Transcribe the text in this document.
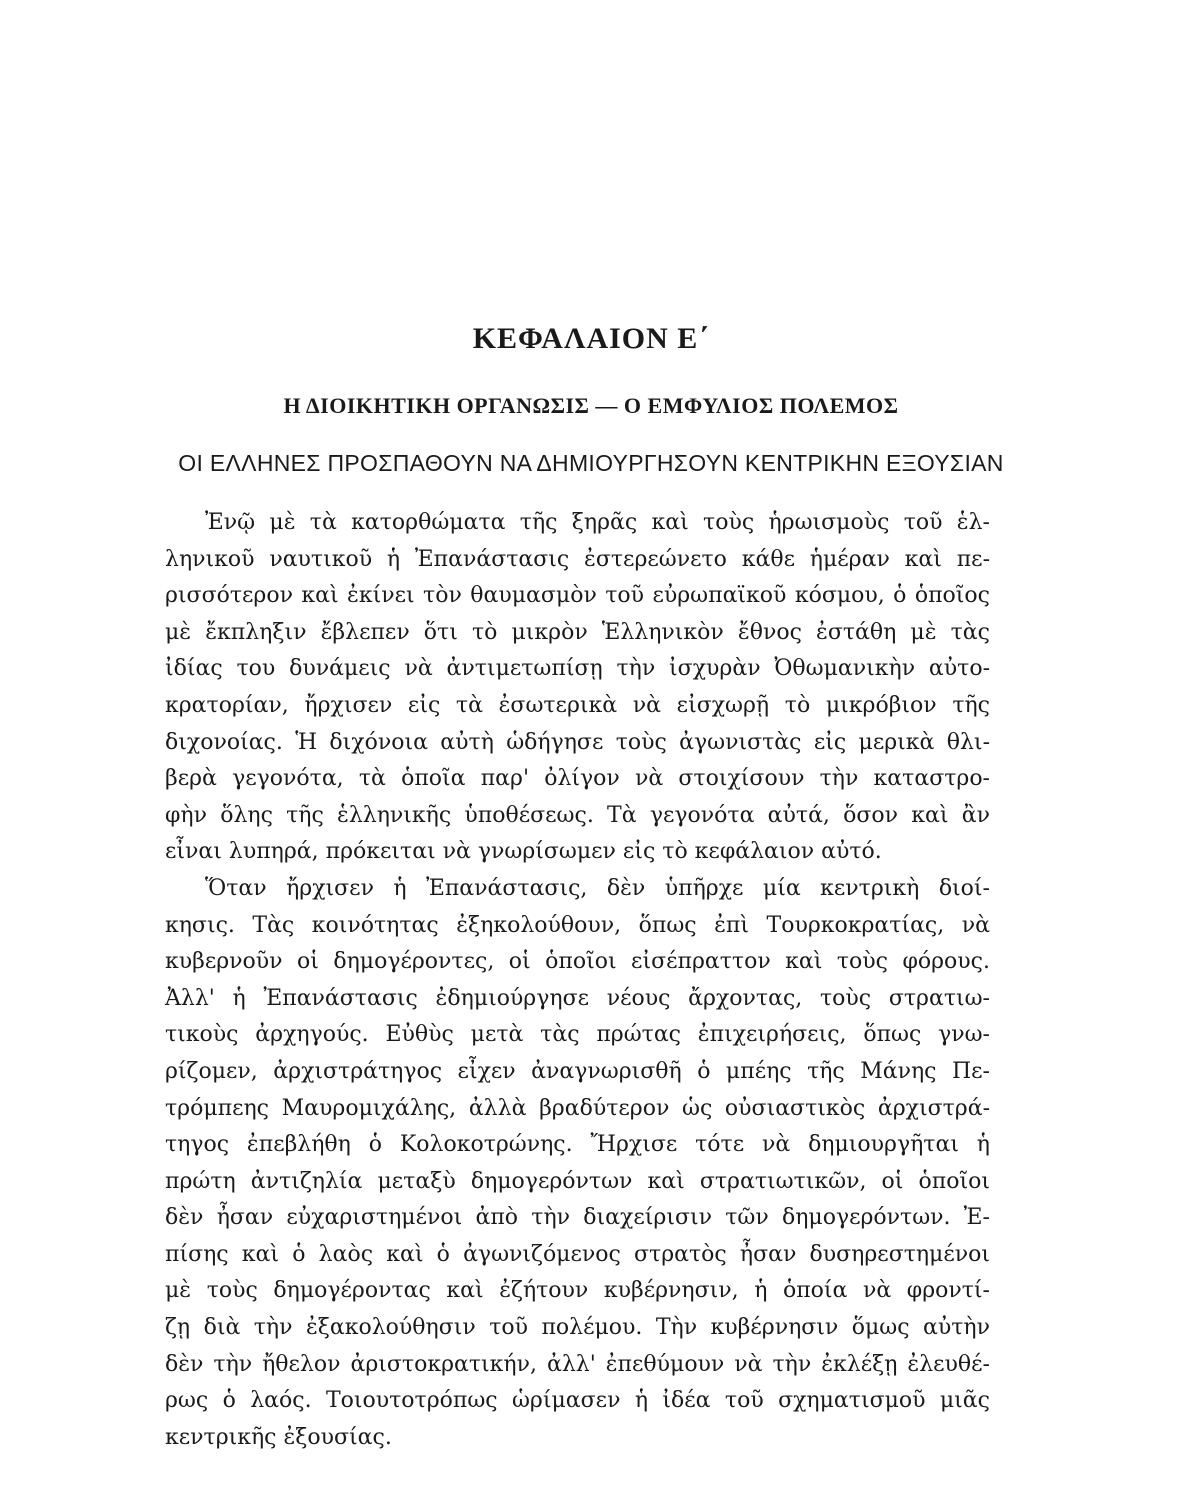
ΚΕΦΑΛΑΙΟΝ Ε΄
Η ΔΙΟΙΚΗΤΙΚΗ ΟΡΓΑΝΩΣΙΣ — Ο ΕΜΦΥΛΙΟΣ ΠΟΛΕΜΟΣ
ΟΙ ΕΛΛΗΝΕΣ ΠΡΟΣΠΑΘΟΥΝ ΝΑ ΔΗΜΙΟΥΡΓΗΣΟΥΝ ΚΕΝΤΡΙΚΗΝ ΕΞΟΥΣΙΑΝ

Ἐνῷ μὲ τὰ κατορθώματα τῆς ξηρᾶς καὶ τοὺς ἡρωισμοὺς τοῦ ἑλ-
ληνικοῦ ναυτικοῦ ἡ Ἐπανάστασις ἐστερεώνετο κάθε ἡμέραν καὶ πε-
ρισσότερον καὶ ἐκίνει τὸν θαυμασμὸν τοῦ εὐρωπαϊκοῦ κόσμου, ὁ ὁποῖος
μὲ ἔκπληξιν ἔβλεπεν ὅτι τὸ μικρὸν Ἑλληνικὸν ἔθνος ἐστάθη μὲ τὰς
ἰδίας του δυνάμεις νὰ ἀντιμετωπίσῃ τὴν ἰσχυρὰν Ὀθωμανικὴν αὐτο-
κρατορίαν, ἤρχισεν εἰς τὰ ἐσωτερικὰ νὰ εἰσχωρῇ τὸ μικρόβιον τῆς
διχονοίας. Ἡ διχόνοια αὐτὴ ὡδήγησε τοὺς ἀγωνιστὰς εἰς μερικὰ θλι-
βερὰ γεγονότα, τὰ ὁποῖα παρ' ὀλίγον νὰ στοιχίσουν τὴν καταστρο-
φὴν ὅλης τῆς ἑλληνικῆς ὑποθέσεως. Τὰ γεγονότα αὐτά, ὅσον καὶ ἂν
εἶναι λυπηρά, πρόκειται νὰ γνωρίσωμεν εἰς τὸ κεφάλαιον αὐτό.

Ὅταν ἤρχισεν ἡ Ἐπανάστασις, δὲν ὑπῆρχε μία κεντρικὴ διοί-
κησις. Τὰς κοινότητας ἐξηκολούθουν, ὅπως ἐπὶ Τουρκοκρατίας, νὰ
κυβερνοῦν οἱ δημογέροντες, οἱ ὁποῖοι εἰσέπραττον καὶ τοὺς φόρους.
Ἀλλ' ἡ Ἐπανάστασις ἐδημιούργησε νέους ἄρχοντας, τοὺς στρατιω-
τικοὺς ἀρχηγούς. Εὐθὺς μετὰ τὰς πρώτας ἐπιχειρήσεις, ὅπως γνω-
ρίζομεν, ἀρχιστράτηγος εἶχεν ἀναγνωρισθῆ ὁ μπέης τῆς Μάνης Πε-
τρόμπεης Μαυρομιχάλης, ἀλλὰ βραδύτερον ὡς οὐσιαστικὸς ἀρχιστρά-
τηγος ἐπεβλήθη ὁ Κολοκοτρώνης. Ἤρχισε τότε νὰ δημιουργῆται ἡ
πρώτη ἀντιζηλία μεταξὺ δημογερόντων καὶ στρατιωτικῶν, οἱ ὁποῖοι
δὲν ἦσαν εὐχαριστημένοι ἀπὸ τὴν διαχείρισιν τῶν δημογερόντων. Ἐ-
πίσης καὶ ὁ λαὸς καὶ ὁ ἀγωνιζόμενος στρατὸς ἦσαν δυσηρεστημένοι
μὲ τοὺς δημογέροντας καὶ ἐζήτουν κυβέρνησιν, ἡ ὁποία νὰ φροντί-
ζῃ διὰ τὴν ἐξακολούθησιν τοῦ πολέμου. Τὴν κυβέρνησιν ὅμως αὐτὴν
δὲν τὴν ἤθελον ἀριστοκρατικήν, ἀλλ' ἐπεθύμουν νὰ τὴν ἐκλέξῃ ἐλευθέ-
ρως ὁ λαός. Τοιουτοτρόπως ὡρίμασεν ἡ ἰδέα τοῦ σχηματισμοῦ μιᾶς
κεντρικῆς ἐξουσίας.
